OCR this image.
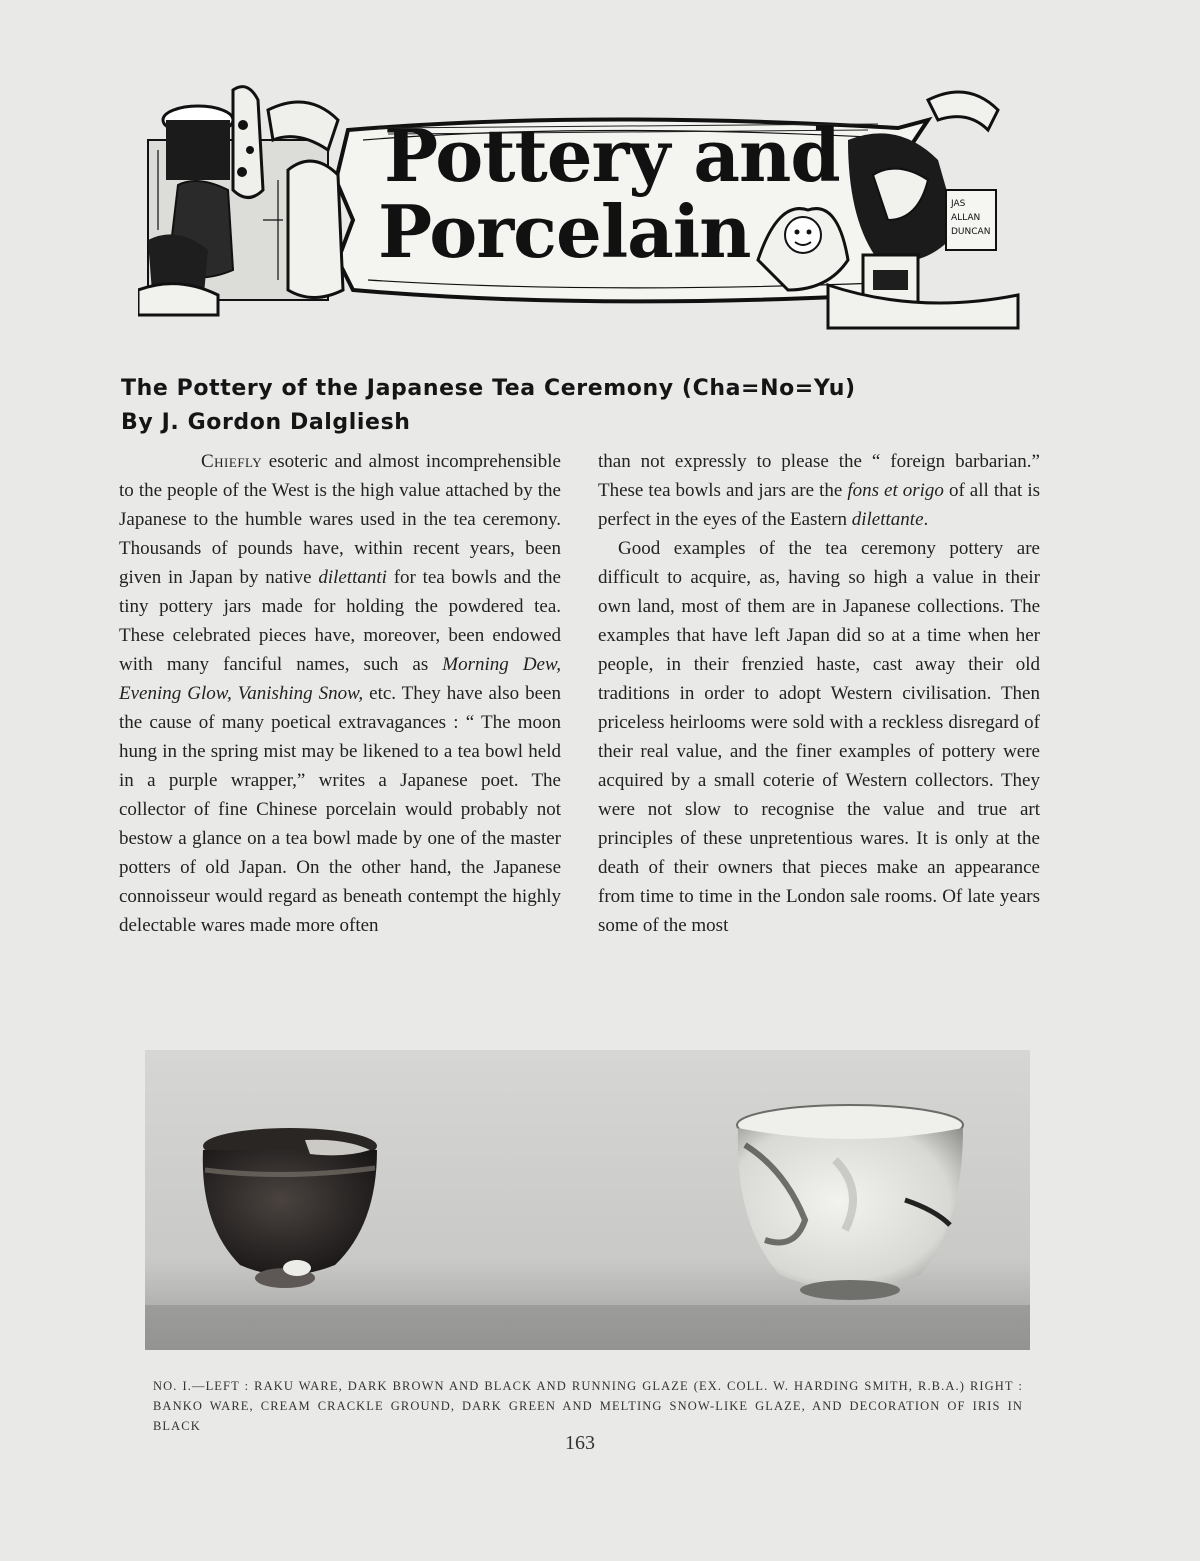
JAS
ALLAN
DUNCAN
Pottery and
Porcelain
The Pottery of the Japanese Tea Ceremony (Cha=No=Yu)
By J. Gordon Dalgliesh

Chiefly esoteric and almost incomprehensible to the people of the West is the high value attached by the Japanese to the humble wares used in the tea ceremony. Thousands of pounds have, within recent years, been given in Japan by native dilettanti for tea bowls and the tiny pottery jars made for holding the powdered tea. These celebrated pieces have, moreover, been endowed with many fanciful names, such as Morning Dew, Evening Glow, Vanishing Snow, etc. They have also been the cause of many poetical extravagances : “ The moon hung in the spring mist may be likened to a tea bowl held in a purple wrapper,” writes a Japanese poet. The collector of fine Chinese porcelain would probably not bestow a glance on a tea bowl made by one of the master potters of old Japan. On the other hand, the Japanese connoisseur would regard as beneath contempt the highly delectable wares made more often

than not expressly to please the “ foreign barbarian.” These tea bowls and jars are the fons et origo of all that is perfect in the eyes of the Eastern dilettante.

Good examples of the tea ceremony pottery are difficult to acquire, as, having so high a value in their own land, most of them are in Japanese collections. The examples that have left Japan did so at a time when her people, in their frenzied haste, cast away their old traditions in order to adopt Western civilisation. Then priceless heirlooms were sold with a reckless disregard of their real value, and the finer examples of pottery were acquired by a small coterie of Western collectors. They were not slow to recognise the value and true art principles of these unpretentious wares. It is only at the death of their owners that pieces make an appearance from time to time in the London sale rooms. Of late years some of the most

NO. I.—LEFT : RAKU WARE, DARK BROWN AND BLACK AND RUNNING GLAZE (EX. COLL. W. HARDING SMITH, R.B.A.) RIGHT : BANKO WARE, CREAM CRACKLE GROUND, DARK GREEN AND MELTING SNOW-LIKE GLAZE, AND DECORATION OF IRIS IN BLACK
163
